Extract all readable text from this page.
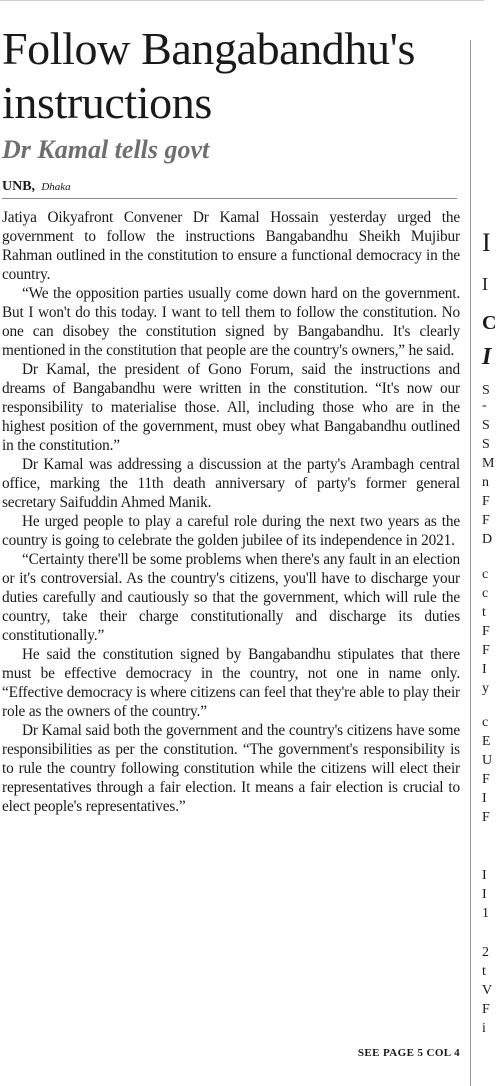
Follow Bangabandhu's instructions
Dr Kamal tells govt
UNB, Dhaka

Jatiya Oikyafront Convener Dr Kamal Hossain yesterday urged the government to follow the instructions Bangabandhu Sheikh Mujibur Rahman outlined in the constitution to ensure a functional democracy in the country.

“We the opposition parties usually come down hard on the government. But I won't do this today. I want to tell them to follow the constitution. No one can disobey the constitution signed by Bangabandhu. It's clearly mentioned in the constitution that people are the country's owners,” he said.

Dr Kamal, the president of Gono Forum, said the instructions and dreams of Bangabandhu were written in the constitution. “It's now our responsibility to materialise those. All, including those who are in the highest position of the government, must obey what Bangabandhu outlined in the constitution.”

Dr Kamal was addressing a discussion at the party's Arambagh central office, marking the 11th death anniversary of party's former general secretary Saifuddin Ahmed Manik.

He urged people to play a careful role during the next two years as the country is going to celebrate the golden jubilee of its independence in 2021.

“Certainty there'll be some problems when there's any fault in an election or it's controversial. As the country's citizens, you'll have to discharge your duties carefully and cautiously so that the government, which will rule the country, take their charge constitutionally and discharge its duties constitutionally.”

He said the constitution signed by Bangabandhu stipulates that there must be effective democracy in the country, not one in name only. “Effective democracy is where citizens can feel that they're able to play their role as the owners of the country.”

Dr Kamal said both the government and the country's citizens have some responsibilities as per the constitution. “The government's responsibility is to rule the country following constitution while the citizens will elect their representatives through a fair election. It means a fair election is crucial to elect people's representatives.”

SEE PAGE 5 COL 4
I
I
C
I
S
-
S
S
M
n
F
F
D
c
c
t
F
F
I
y
c
E
U
F
I
F
I
I
1
2
t
V
F
i
